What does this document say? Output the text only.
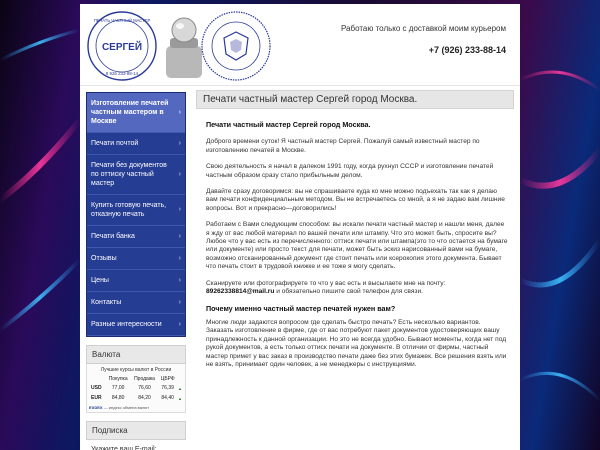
СЕРГЕЙ
ПЕЧАТЬ ЧАСТНЫЙ МАСТЕР
8 926 233-88-14
Работаю только с доставкой моим курьером
+7 (926) 233-88-14
Изготовление печатей частным мастером в Москве
›
Печати почтой	›
Печати без документов по оттиску частный мастер
›
Купить готовую печать, отказную печать
›
Печати банка	›
Отзывы	›
Цены	›
Контакты	›
Разные интересности ›
Валюта
Лучшие курсы валют в России
	Покупка	Продажа	ЦБРФ	
USD	77,00	76,60	76,39	▲
EUR	84,80	84,20	84,40	▲
EXDEX — индекс обмена валют
Подписка
Укажите ваш E-mail:
Печати частный мастер Сергей город Москва.
Печати частный мастер Сергей город Москва.

Доброго времени суток! Я частный мастер Сергей. Пожалуй самый известный мастер по изготовлению печатей в Москве.

Свою деятельность я начал в далеком 1991 году, когда рухнул СССР и изготовление печатей частным образом сразу стало прибыльным делом.

Давайте сразу договоримся: вы не спрашиваете куда ко мне можно подъехать так как я делаю вам печати конфиденциальным методом. Вы не встречаетесь со мной, а я не задаю вам лишние вопросы. Вот и прекрасно—договорились!

Работаем с Вами следующим способом: вы искали печати частный мастер и нашли меня, далее я жду от вас любой материал по вашей печати или штампу. Что это может быть, спросите вы? Любое что у вас есть из перечисленного: оттиск печати или штампа(это то что остается на бумаге или документе) или просто текст для печати, может быть эскиз нарисованный вами на бумаге, возможно отсканированный документ где стоит печать или ксерокопия этого документа. Бывает что печать стоит в трудовой книжке и ее тоже я могу сделать.

Сканируете или фотографируете то что у вас есть и высылаете мне на почту: 89262338814@mail.ru и обязательно пишите свой телефон для связи.

Почему именно частный мастер печатей нужен вам?

Многие люди задаются вопросом где сделать быстро печать? Есть несколько вариантов. Заказать изготовление в фирме, где от вас потребуют пакет документов удостоверяющих вашу принадлежность к данной организации. Но это не всегда удобно. Бывают моменты, когда нет под рукой документов, а есть только оттиск печати на документе. В отличии от фирмы, частный мастер примет у вас заказ в производство печати даже без этих бумажек. Все решения взять или не взять, принимает один человек, а не менеджеры с инструкциями.
